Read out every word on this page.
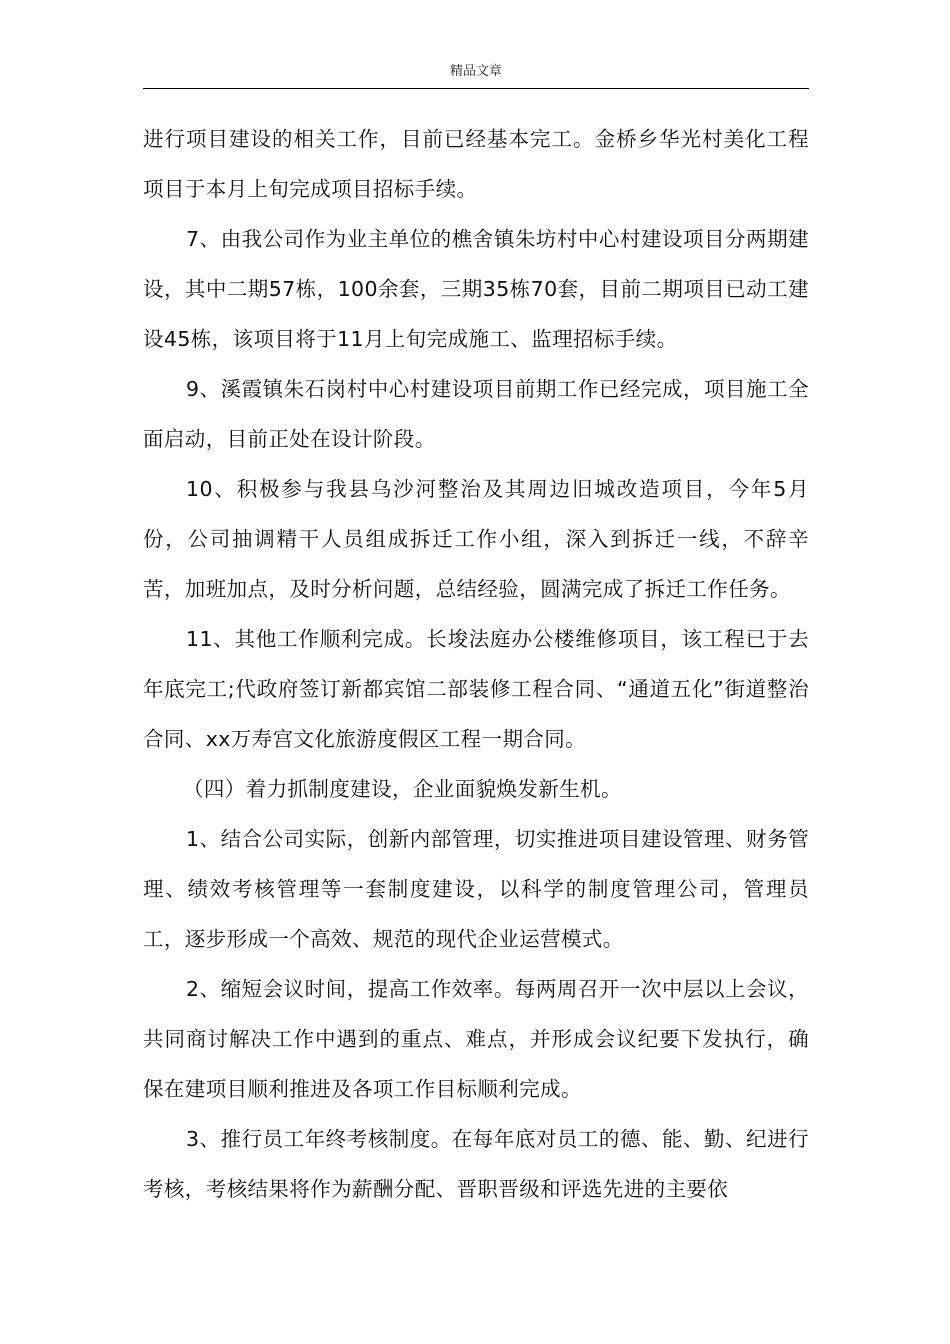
精品文章

进行项目建设的相关工作，目前已经基本完工。金桥乡华光村美化工程项目于本月上旬完成项目招标手续。

7、由我公司作为业主单位的樵舍镇朱坊村中心村建设项目分两期建设，其中二期57栋，100余套，三期35栋70套，目前二期项目已动工建设45栋，该项目将于11月上旬完成施工、监理招标手续。

9、溪霞镇朱石岗村中心村建设项目前期工作已经完成，项目施工全面启动，目前正处在设计阶段。

10、积极参与我县乌沙河整治及其周边旧城改造项目，今年5月份，公司抽调精干人员组成拆迁工作小组，深入到拆迁一线，不辞辛苦，加班加点，及时分析问题，总结经验，圆满完成了拆迁工作任务。

11、其他工作顺利完成。长埈法庭办公楼维修项目，该工程已于去年底完工;代政府签订新都宾馆二部装修工程合同、“通道五化”街道整治合同、xx万寿宫文化旅游度假区工程一期合同。

（四）着力抓制度建设，企业面貌焕发新生机。

1、结合公司实际，创新内部管理，切实推进项目建设管理、财务管理、绩效考核管理等一套制度建设，以科学的制度管理公司，管理员工，逐步形成一个高效、规范的现代企业运营模式。

2、缩短会议时间，提高工作效率。每两周召开一次中层以上会议，共同商讨解决工作中遇到的重点、难点，并形成会议纪要下发执行，确保在建项目顺利推进及各项工作目标顺利完成。

3、推行员工年终考核制度。在每年底对员工的德、能、勤、纪进行考核，考核结果将作为薪酬分配、晋职晋级和评选先进的主要依
